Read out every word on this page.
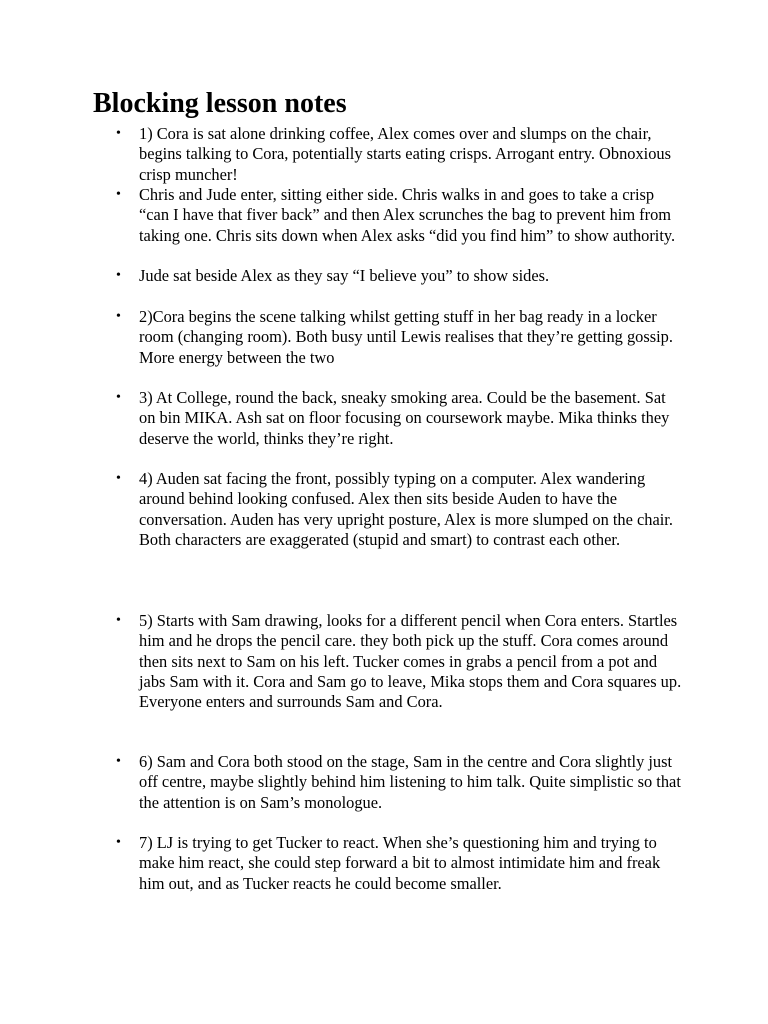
Blocking lesson notes
• 1) Cora is sat alone drinking coffee, Alex comes over and slumps on the chair, begins talking to Cora, potentially starts eating crisps. Arrogant entry. Obnoxious crisp muncher!
• Chris and Jude enter, sitting either side. Chris walks in and goes to take a crisp “can I have that fiver back” and then Alex scrunches the bag to prevent him from taking one. Chris sits down when Alex asks “did you find him” to show authority.
• Jude sat beside Alex as they say “I believe you” to show sides.
• 2)Cora begins the scene talking whilst getting stuff in her bag ready in a locker room (changing room). Both busy until Lewis realises that they’re getting gossip. More energy between the two
• 3) At College, round the back, sneaky smoking area. Could be the basement. Sat on bin MIKA. Ash sat on floor focusing on coursework maybe. Mika thinks they deserve the world, thinks they’re right.
• 4) Auden sat facing the front, possibly typing on a computer. Alex wandering around behind looking confused. Alex then sits beside Auden to have the conversation. Auden has very upright posture, Alex is more slumped on the chair. Both characters are exaggerated (stupid and smart) to contrast each other.
• 5) Starts with Sam drawing, looks for a different pencil when Cora enters. Startles him and he drops the pencil care. they both pick up the stuff. Cora comes around then sits next to Sam on his left. Tucker comes in grabs a pencil from a pot and jabs Sam with it. Cora and Sam go to leave, Mika stops them and Cora squares up. Everyone enters and surrounds Sam and Cora.
• 6) Sam and Cora both stood on the stage, Sam in the centre and Cora slightly just off centre, maybe slightly behind him listening to him talk. Quite simplistic so that the attention is on Sam’s monologue.
• 7) LJ is trying to get Tucker to react. When she’s questioning him and trying to make him react, she could step forward a bit to almost intimidate him and freak him out, and as Tucker reacts he could become smaller.
